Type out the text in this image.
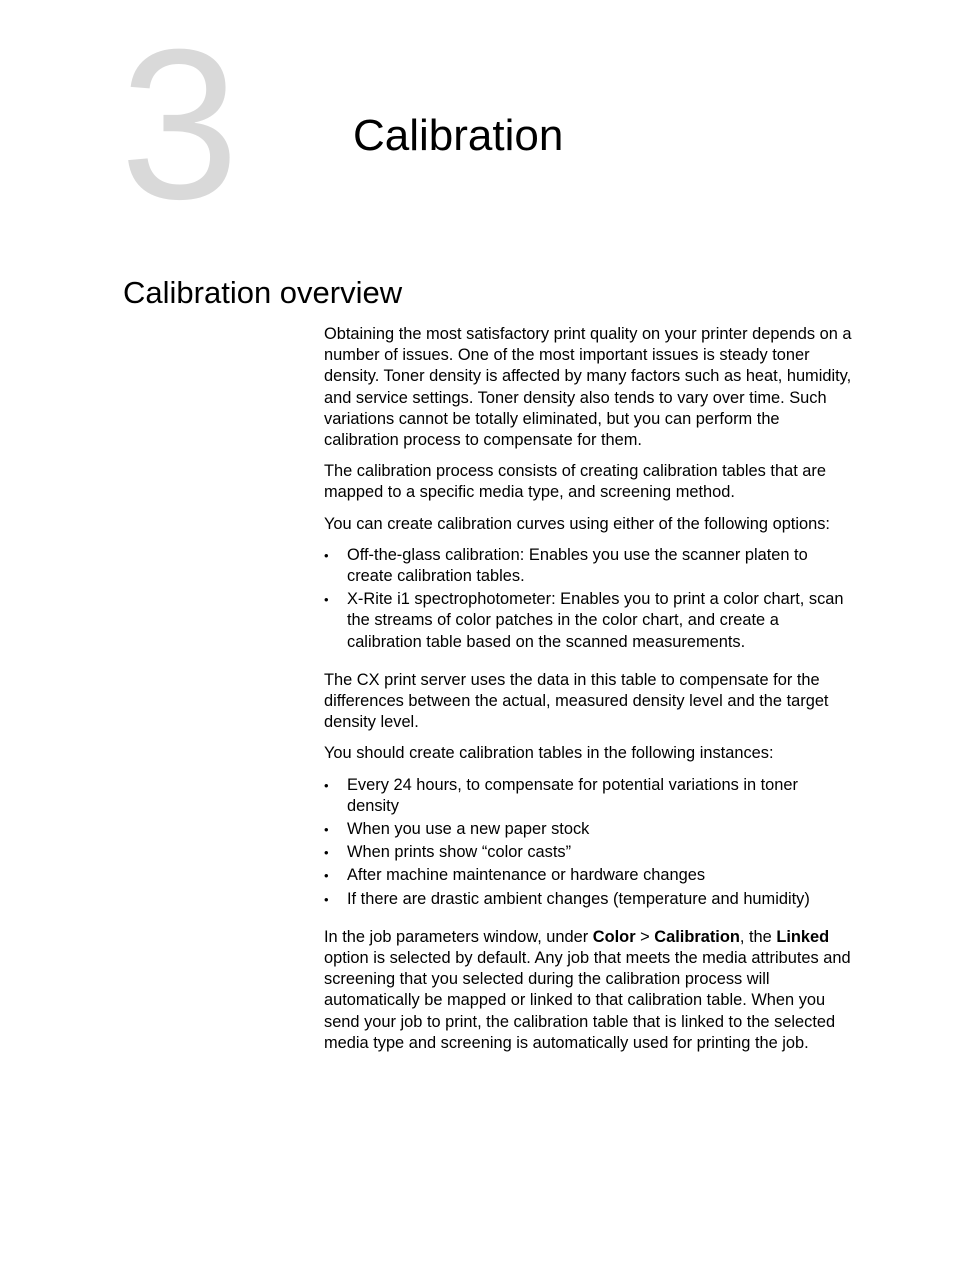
3	Calibration
Calibration overview

Obtaining the most satisfactory print quality on your printer depends on a number of issues. One of the most important issues is steady toner density. Toner density is affected by many factors such as heat, humidity, and service settings. Toner density also tends to vary over time. Such variations cannot be totally eliminated, but you can perform the calibration process to compensate for them.

The calibration process consists of creating calibration tables that are mapped to a specific media type, and screening method.

You can create calibration curves using either of the following options:

• Off-the-glass calibration: Enables you use the scanner platen to create calibration tables.
• X-Rite i1 spectrophotometer: Enables you to print a color chart, scan the streams of color patches in the color chart, and create a calibration table based on the scanned measurements.

The CX print server uses the data in this table to compensate for the differences between the actual, measured density level and the target density level.

You should create calibration tables in the following instances:

• Every 24 hours, to compensate for potential variations in toner density
• When you use a new paper stock
• When prints show “color casts”
• After machine maintenance or hardware changes
• If there are drastic ambient changes (temperature and humidity)

In the job parameters window, under Color > Calibration, the Linked option is selected by default. Any job that meets the media attributes and screening that you selected during the calibration process will automatically be mapped or linked to that calibration table. When you send your job to print, the calibration table that is linked to the selected media type and screening is automatically used for printing the job.
